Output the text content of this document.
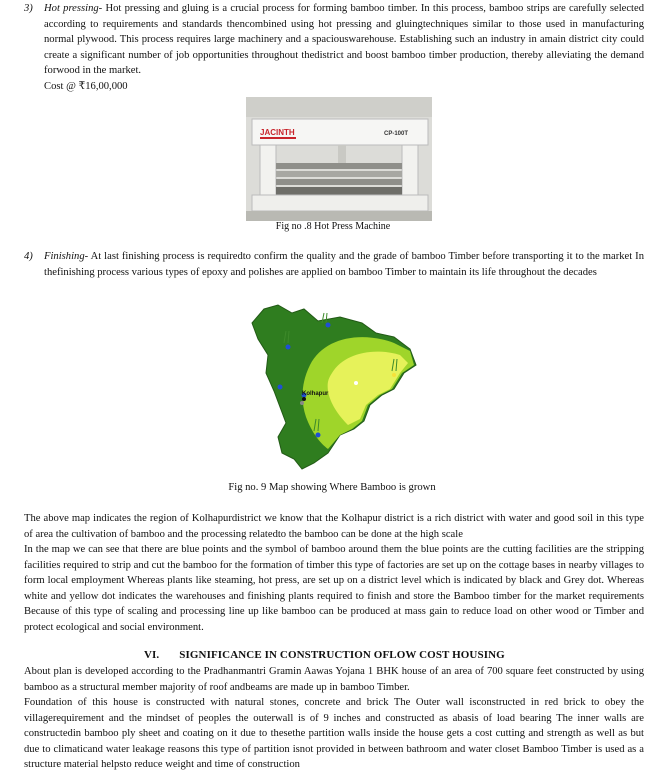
3) Hot pressing- Hot pressing and gluing is a crucial process for forming bamboo timber. In this process, bamboo strips are carefully selected according to requirements and standards thencombined using hot pressing and gluingtechniques similar to those used in manufacturing normal plywood. This process requires large machinery and a spaciouswarehouse. Establishing such an industry in amain district city could create a significant number of job opportunities throughout thedistrict and boost bamboo timber production, thereby alleviating the demand forwood in the market.

Cost @ ₹16,00,000

JACINTH	CP-100T
Fig no .8 Hot Press Machine
4) Finishing- At last finishing process is requiredto confirm the quality and the grade of bamboo Timber before transporting it to the market In thefinishing process various types of epoxy and polishes are applied on bamboo Timber to maintain its life throughout the decades

Kolhapur
Fig no. 9 Map showing Where Bamboo is grown

The above map indicates the region of Kolhapurdistrict we know that the Kolhapur district is a rich district with water and good soil in this type of area the cultivation of bamboo and the processing relatedto the bamboo can be done at the high scale

In the map we can see that there are blue points and the symbol of bamboo around them the blue points are the cutting facilities are the stripping facilities required to strip and cut the bamboo for the formation of timber this type of factories are set up on the cottage bases in nearby villages to form local employment Whereas plants like steaming, hot press, are set up on a district level which is indicated by black and Grey dot. Whereas white and yellow dot indicates the warehouses and finishing plants required to finish and store the Bamboo timber for the market requirements Because of this type of scaling and processing line up like bamboo can be produced at mass gain to reduce load on other wood or Timber and protect ecological and social environment.

VI. SIGNIFICANCE IN CONSTRUCTION OFLOW COST HOUSING

About plan is developed according to the Pradhanmantri Gramin Aawas Yojana 1 BHK house of an area of 700 square feet constructed by using bamboo as a structural member majority of roof andbeams are made up in bamboo Timber.

Foundation of this house is constructed with natural stones, concrete and brick The Outer wall isconstructed in red brick to obey the villagerequirement and the mindset of peoples the outerwall is of 9 inches and constructed as abasis of load bearing The inner walls are constructedin bamboo ply sheet and coating on it due to thesethe partition walls inside the house gets a cost cutting and strength as well as but due to climaticand water leakage reasons this type of partition isnot provided in between bathroom and water closet Bamboo Timber is used as a structure material helpsto reduce weight and time of construction
